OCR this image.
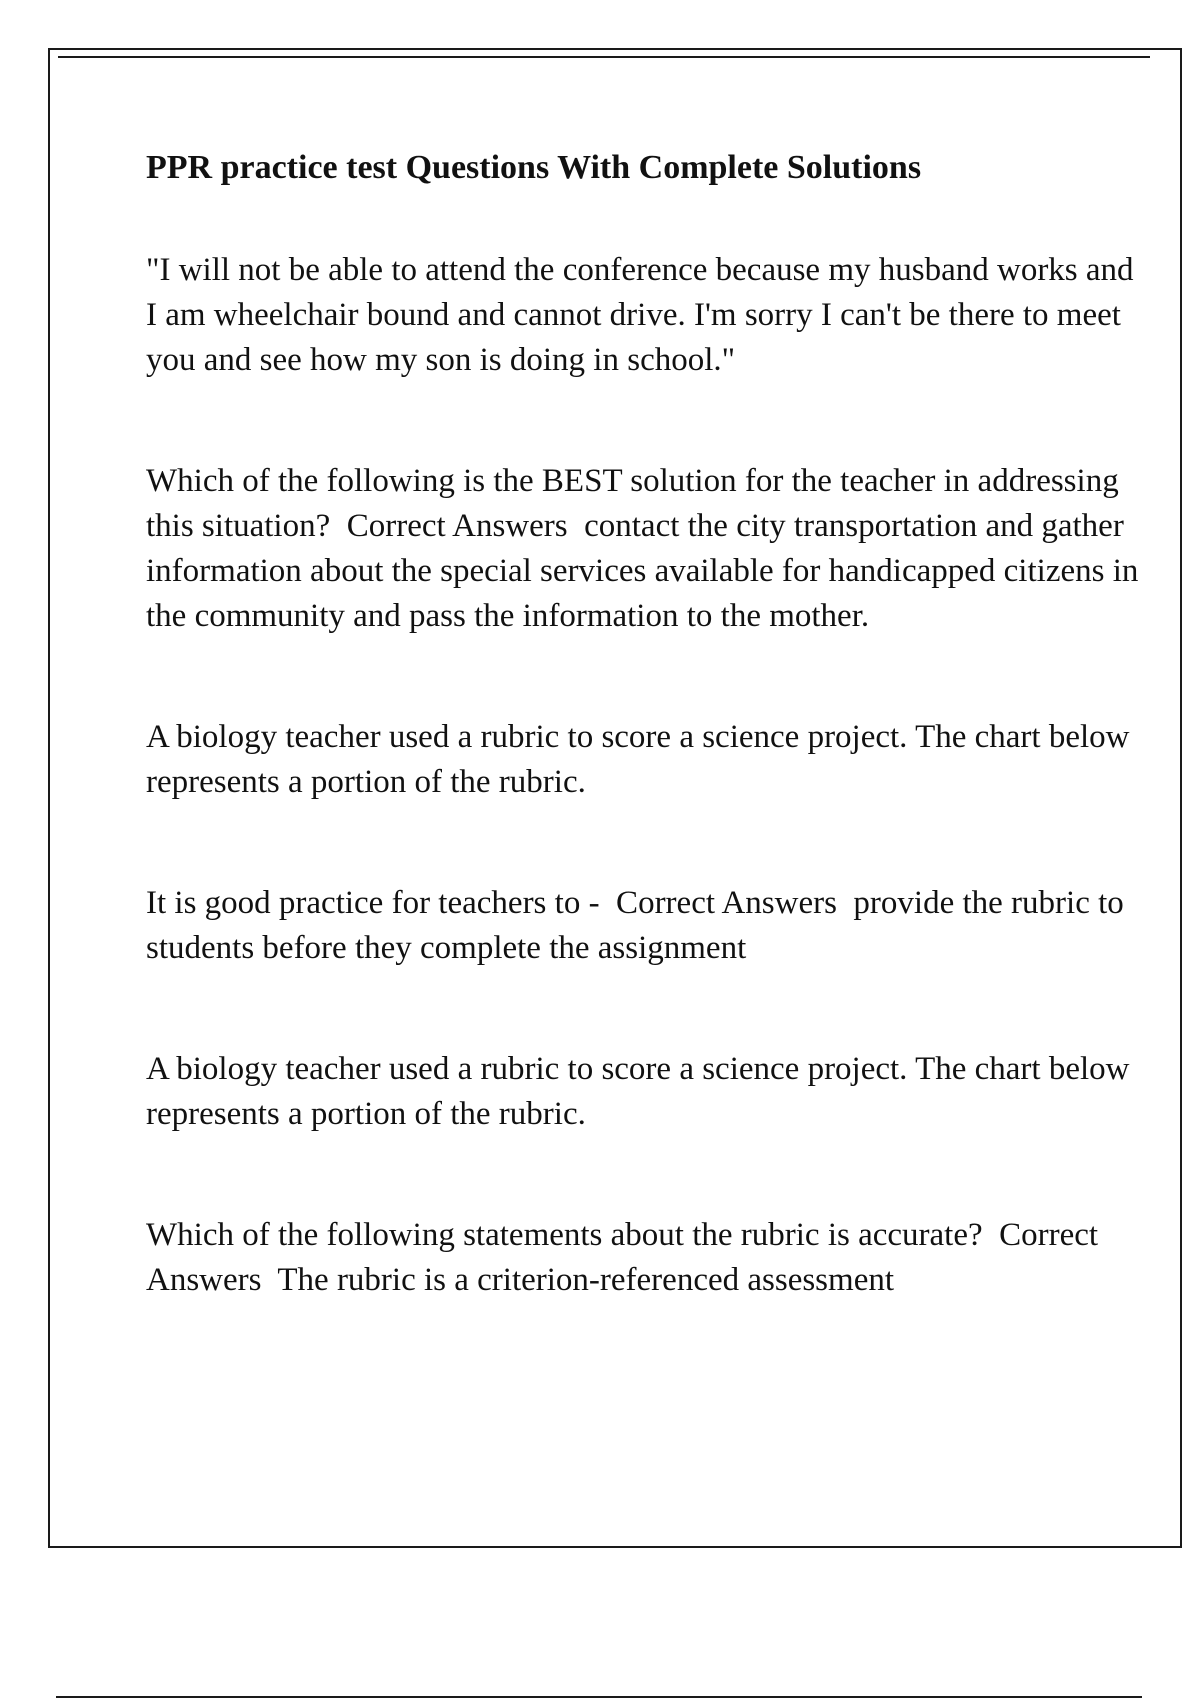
PPR practice test Questions With Complete Solutions

"I will not be able to attend the conference because my husband works and I am wheelchair bound and cannot drive. I'm sorry I can't be there to meet you and see how my son is doing in school."

Which of the following is the BEST solution for the teacher in addressing this situation?  Correct Answers  contact the city transportation and gather information about the special services available for handicapped citizens in the community and pass the information to the mother.

A biology teacher used a rubric to score a science project. The chart below represents a portion of the rubric.

It is good practice for teachers to -  Correct Answers  provide the rubric to students before they complete the assignment

A biology teacher used a rubric to score a science project. The chart below represents a portion of the rubric.

Which of the following statements about the rubric is accurate?  Correct Answers  The rubric is a criterion-referenced assessment
